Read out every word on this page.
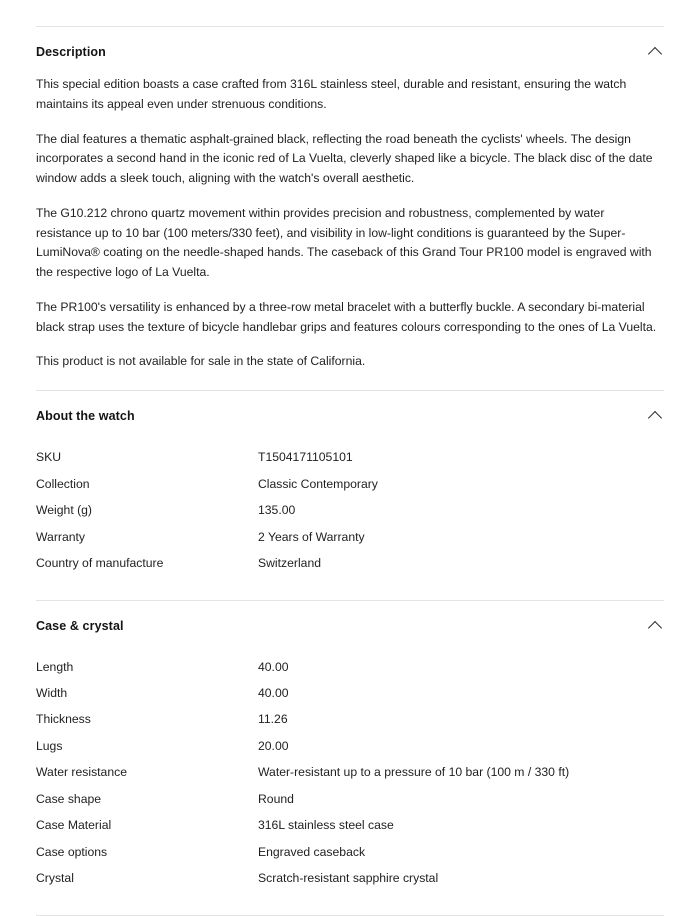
Description

This special edition boasts a case crafted from 316L stainless steel, durable and resistant, ensuring the watch maintains its appeal even under strenuous conditions.

The dial features a thematic asphalt-grained black, reflecting the road beneath the cyclists' wheels. The design incorporates a second hand in the iconic red of La Vuelta, cleverly shaped like a bicycle. The black disc of the date window adds a sleek touch, aligning with the watch's overall aesthetic.

The G10.212 chrono quartz movement within provides precision and robustness, complemented by water resistance up to 10 bar (100 meters/330 feet), and visibility in low-light conditions is guaranteed by the Super-LumiNova® coating on the needle-shaped hands. The caseback of this Grand Tour PR100 model is engraved with the respective logo of La Vuelta.

The PR100's versatility is enhanced by a three-row metal bracelet with a butterfly buckle. A secondary bi-material black strap uses the texture of bicycle handlebar grips and features colours corresponding to the ones of La Vuelta.

This product is not available for sale in the state of California.

About the watch
SKU	T1504171105101
Collection	Classic Contemporary
Weight (g)	135.00
Warranty	2 Years of Warranty
Country of manufacture	Switzerland
Case & crystal
Length	40.00
Width	40.00
Thickness	11.26
Lugs	20.00
Water resistance	Water-resistant up to a pressure of 10 bar (100 m / 330 ft)
Case shape	Round
Case Material	316L stainless steel case
Case options	Engraved caseback
Crystal	Scratch-resistant sapphire crystal
